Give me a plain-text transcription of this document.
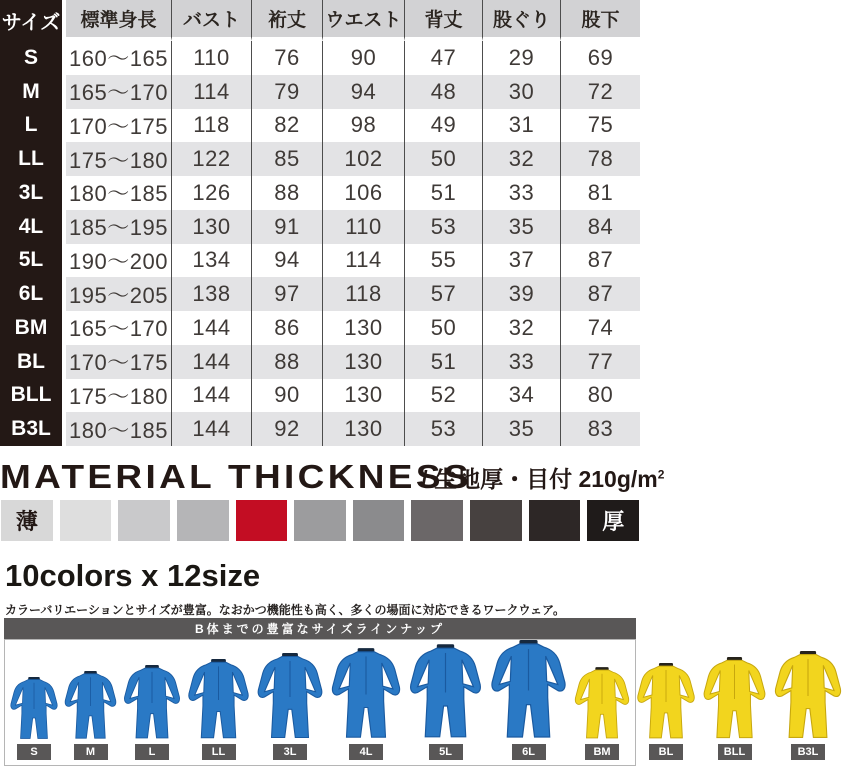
サイズ	標準身長	バスト	裄丈	ウエスト	背丈	股ぐり	股下
S	160〜165	110	76	90	47	29	69
M	165〜170	114	79	94	48	30	72
L	170〜175	118	82	98	49	31	75
LL	175〜180	122	85	102	50	32	78
3L	180〜185	126	88	106	51	33	81
4L	185〜195	130	91	110	53	35	84
5L	190〜200	134	94	114	55	37	87
6L	195〜205	138	97	118	57	39	87
BM 165〜170	144	86	130	50	32	74
BL	170〜175	144	88	130	51	33	77
BLL 175〜180	144	90	130	52	34	80
B3L 180〜185	144	92	130	53	35	83
MATERIAL THICKNESS
/ 生地厚・目付 $210g/m^2$
薄	厚
10colors x 12size
カラーバリエーションとサイズが豊富。なおかつ機能性も高く、多くの場面に対応できるワークウェア。
B体までの豊富なサイズラインナップ
S	M	L	LL	3L	4L	5L	6L	BM	BL	BLL	B3L
